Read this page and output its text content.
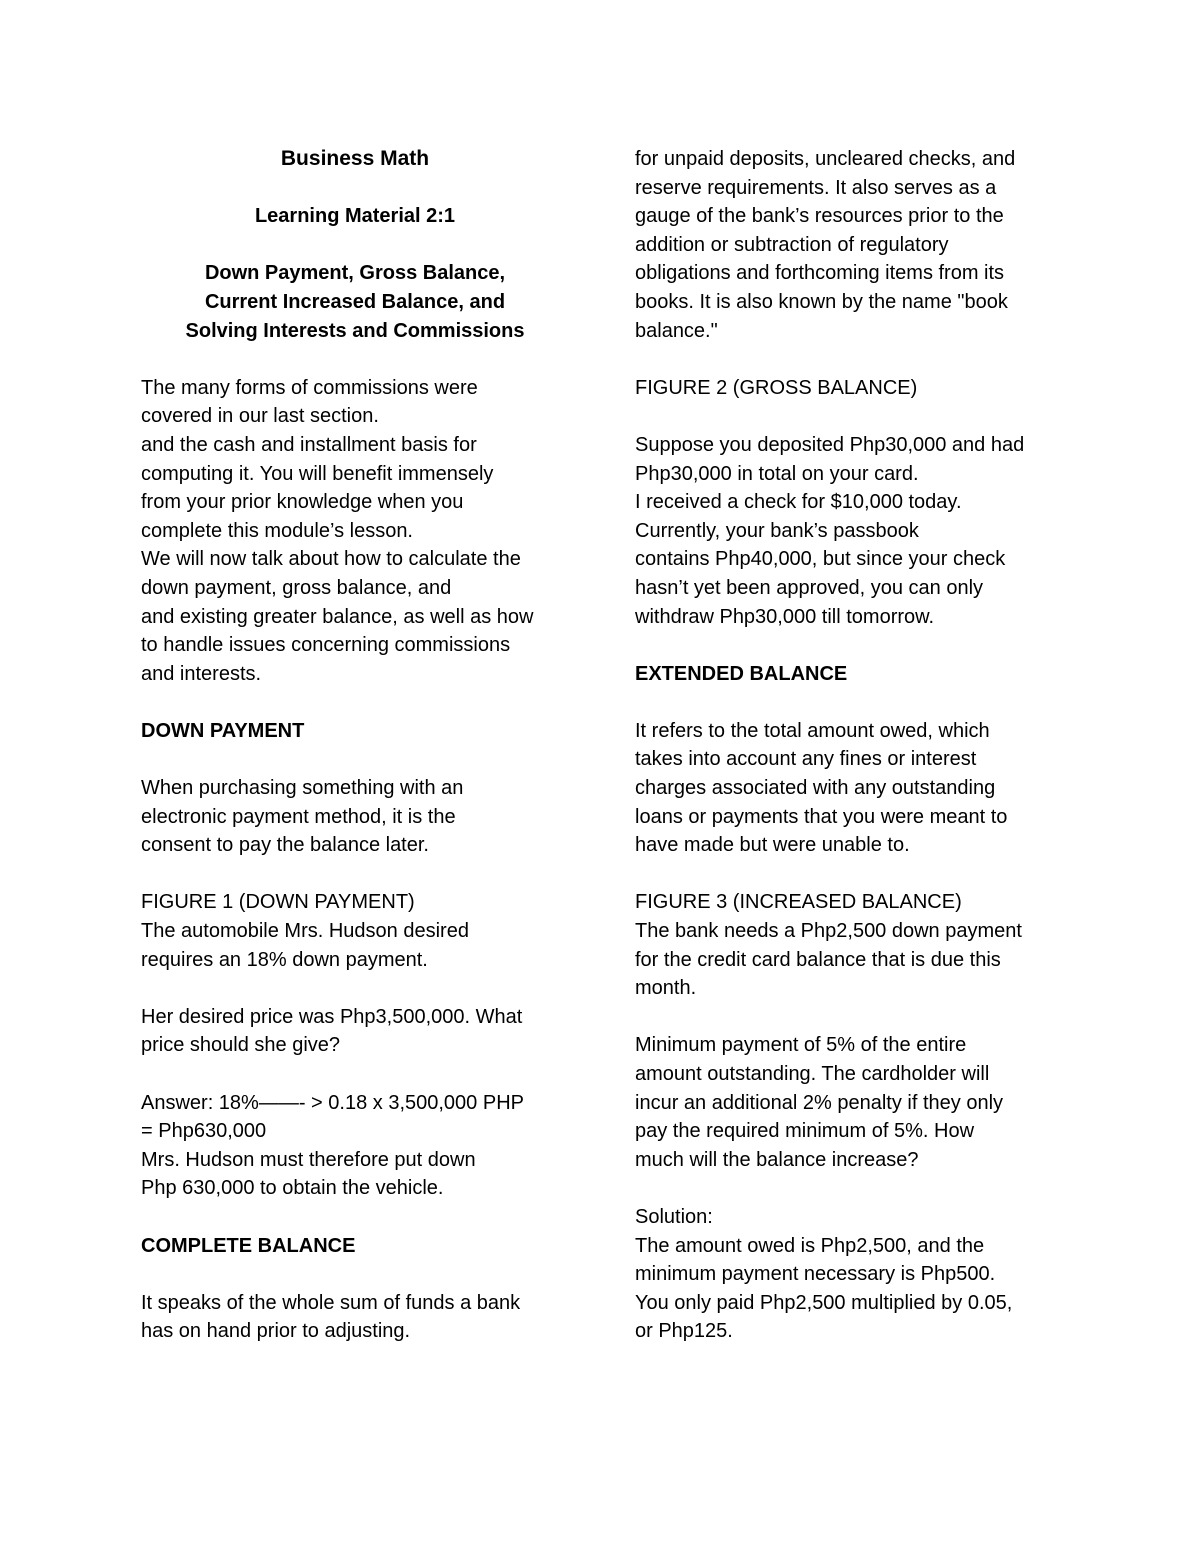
Business Math

Learning Material 2:1

Down Payment, Gross Balance,

Current Increased Balance, and

Solving Interests and Commissions

The many forms of commissions were
covered in our last section.
and the cash and installment basis for
computing it. You will benefit immensely
from your prior knowledge when you
complete this module’s lesson.
We will now talk about how to calculate the
down payment, gross balance, and
and existing greater balance, as well as how
to handle issues concerning commissions
and interests.
DOWN PAYMENT
When purchasing something with an
electronic payment method, it is the
consent to pay the balance later.
FIGURE 1 (DOWN PAYMENT)
The automobile Mrs. Hudson desired
requires an 18% down payment.
Her desired price was Php3,500,000. What
price should she give?
Answer: 18%——- > 0.18 x 3,500,000 PHP
= Php630,000
Mrs. Hudson must therefore put down
Php 630,000 to obtain the vehicle.
COMPLETE BALANCE
It speaks of the whole sum of funds a bank
has on hand prior to adjusting.
for unpaid deposits, uncleared checks, and
reserve requirements. It also serves as a
gauge of the bank’s resources prior to the
addition or subtraction of regulatory
obligations and forthcoming items from its
books. It is also known by the name "book
balance."
FIGURE 2 (GROSS BALANCE)
Suppose you deposited Php30,000 and had
Php30,000 in total on your card.
I received a check for $10,000 today.
Currently, your bank’s passbook
contains Php40,000, but since your check
hasn’t yet been approved, you can only
withdraw Php30,000 till tomorrow.
EXTENDED BALANCE
It refers to the total amount owed, which
takes into account any fines or interest
charges associated with any outstanding
loans or payments that you were meant to
have made but were unable to.
FIGURE 3 (INCREASED BALANCE)
The bank needs a Php2,500 down payment
for the credit card balance that is due this
month.
Minimum payment of 5% of the entire
amount outstanding. The cardholder will
incur an additional 2% penalty if they only
pay the required minimum of 5%. How
much will the balance increase?
Solution:
The amount owed is Php2,500, and the
minimum payment necessary is Php500.
You only paid Php2,500 multiplied by 0.05,
or Php125.
